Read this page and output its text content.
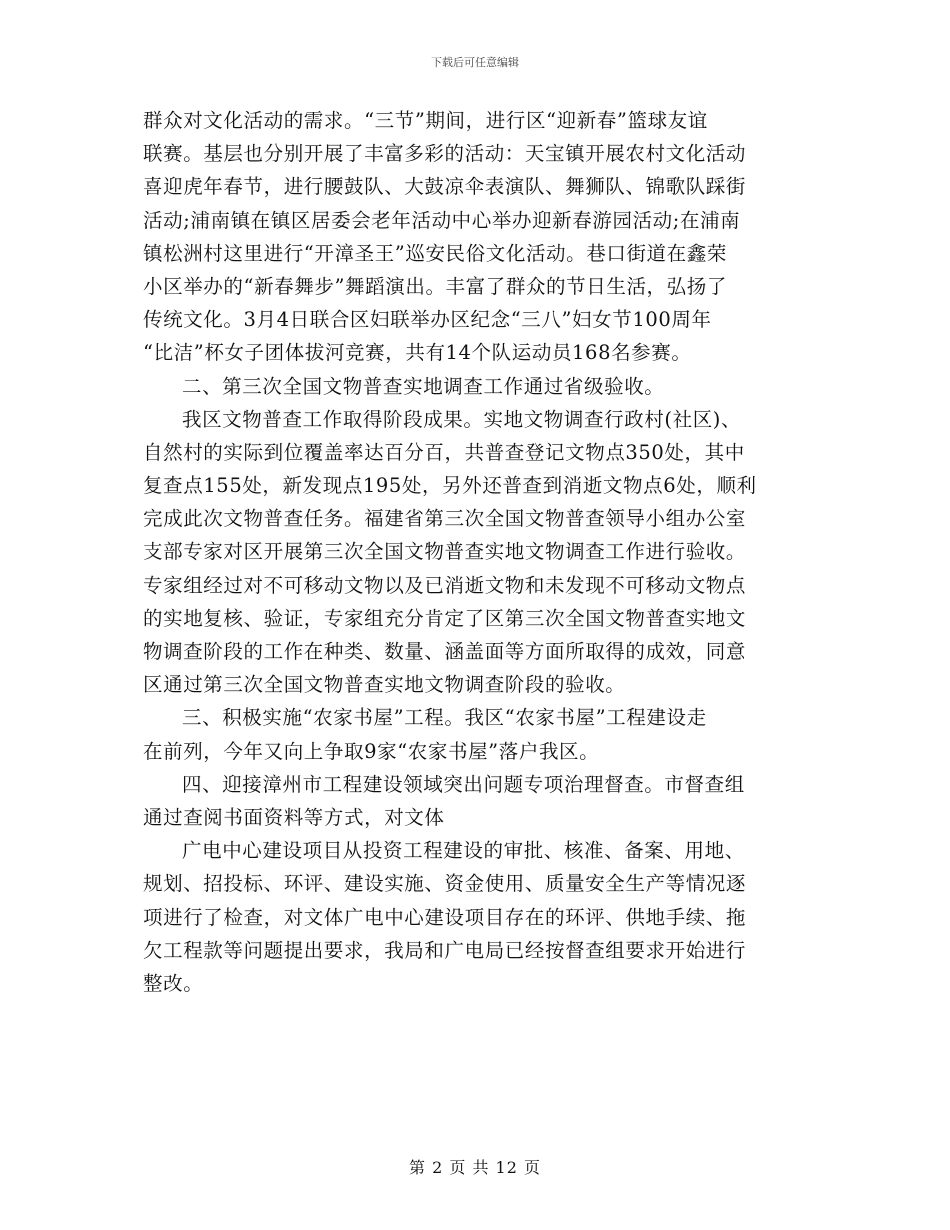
下载后可任意编辑
群众对文化活动的需求。“三节”期间，进行区“迎新春”篮球友谊
联赛。基层也分别开展了丰富多彩的活动：天宝镇开展农村文化活动
喜迎虎年春节，进行腰鼓队、大鼓凉伞表演队、舞狮队、锦歌队踩街
活动;浦南镇在镇区居委会老年活动中心举办迎新春游园活动;在浦南
镇松洲村这里进行“开漳圣王”巡安民俗文化活动。巷口街道在鑫荣
小区举办的“新春舞步”舞蹈演出。丰富了群众的节日生活，弘扬了
传统文化。3月4日联合区妇联举办区纪念“三八”妇女节100周年
“比洁”杯女子团体拔河竞赛，共有14个队运动员168名参赛。
二、第三次全国文物普查实地调查工作通过省级验收。
我区文物普查工作取得阶段成果。实地文物调查行政村(社区)、
自然村的实际到位覆盖率达百分百，共普查登记文物点350处，其中
复查点155处，新发现点195处，另外还普查到消逝文物点6处，顺利
完成此次文物普查任务。福建省第三次全国文物普查领导小组办公室
支部专家对区开展第三次全国文物普查实地文物调查工作进行验收。
专家组经过对不可移动文物以及已消逝文物和未发现不可移动文物点
的实地复核、验证，专家组充分肯定了区第三次全国文物普查实地文
物调查阶段的工作在种类、数量、涵盖面等方面所取得的成效，同意
区通过第三次全国文物普查实地文物调查阶段的验收。
三、积极实施“农家书屋”工程。我区“农家书屋”工程建设走
在前列，今年又向上争取9家“农家书屋”落户我区。
四、迎接漳州市工程建设领域突出问题专项治理督查。市督查组
通过查阅书面资料等方式，对文体
广电中心建设项目从投资工程建设的审批、核准、备案、用地、
规划、招投标、环评、建设实施、资金使用、质量安全生产等情况逐
项进行了检查，对文体广电中心建设项目存在的环评、供地手续、拖
欠工程款等问题提出要求，我局和广电局已经按督查组要求开始进行
整改。
第 2 页 共 12 页
